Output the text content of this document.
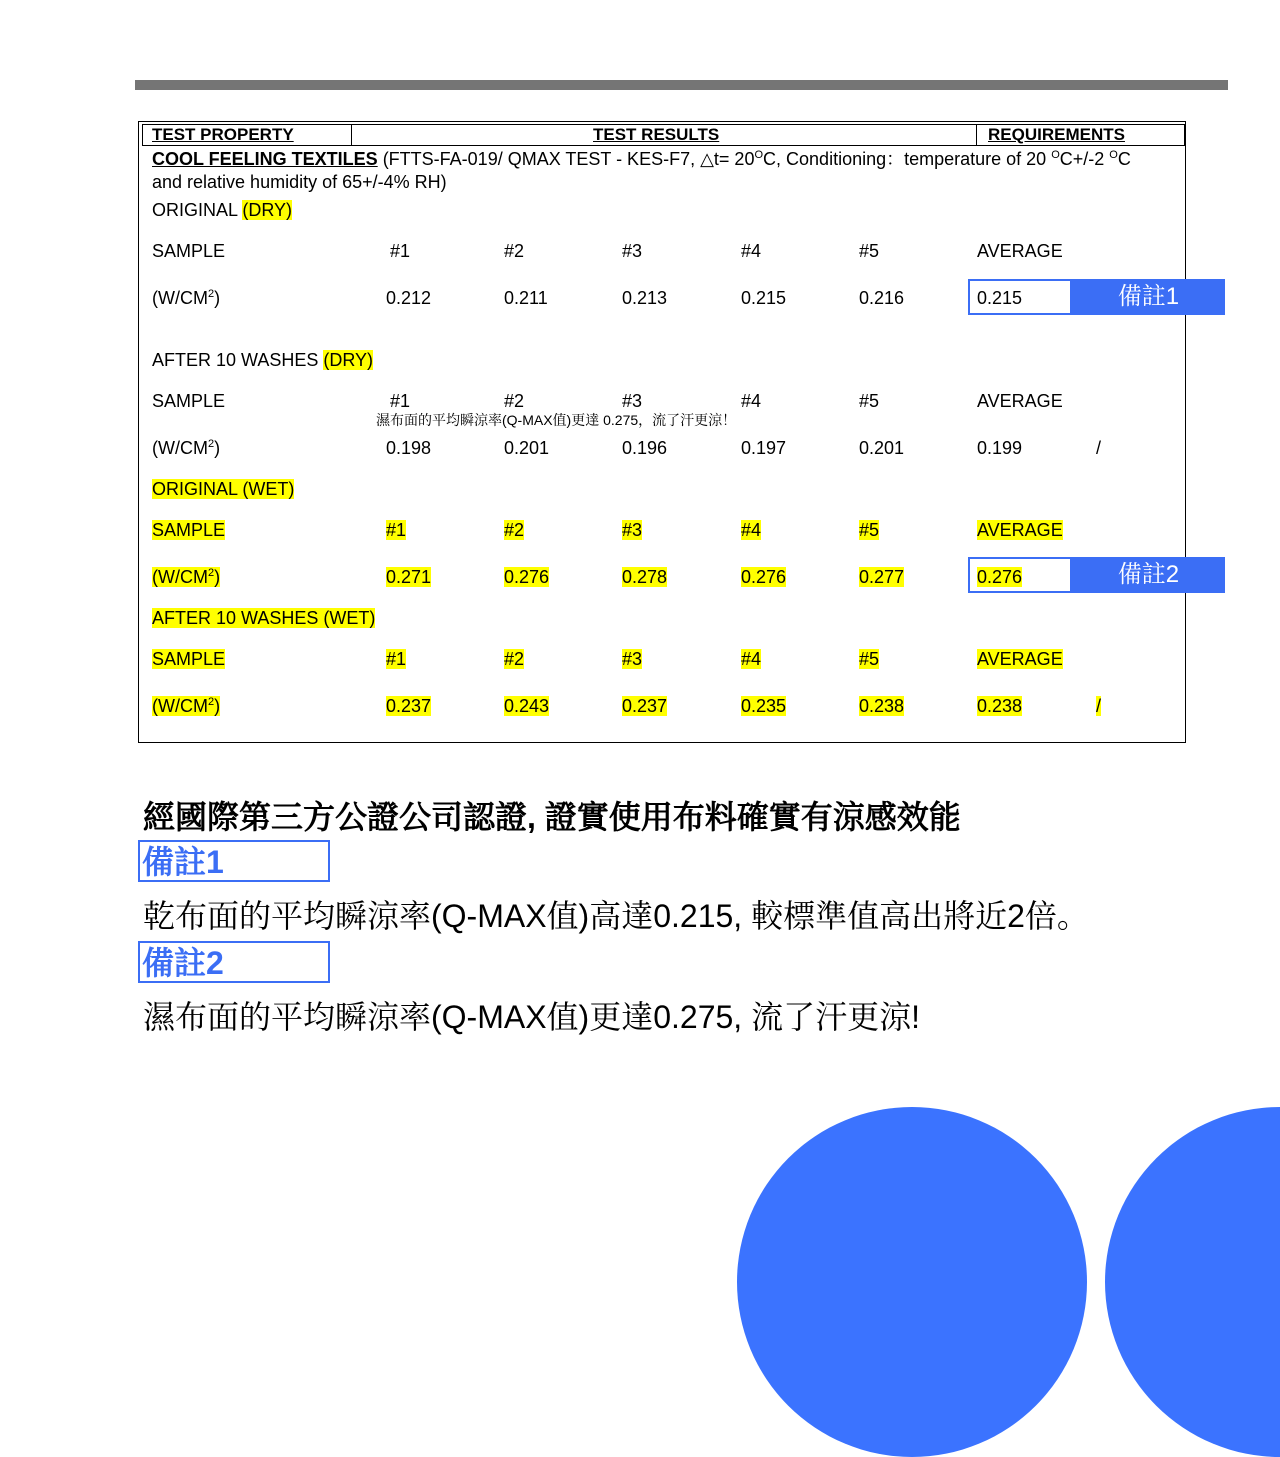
TEST PROPERTY	TEST RESULTS	REQUIREMENTS
COOL FEELING TEXTILES (FTTS-FA-019/ QMAX TEST - KES-F7, △t= $20^OC$, Conditioning：temperature of 20 $^O$C+/-2 $^O$C
and relative humidity of 65+/-4% RH)
ORIGINAL (DRY)
SAMPLE	#1	#2	#3	#4	#5	AVERAGE
$(W/CM^2)$	0.212	0.211	0.213	0.215	0.216	0.215
AFTER 10 WASHES (DRY)
SAMPLE	#1	#2	#3	#4	#5	AVERAGE
$(W/CM^2)$	0.198	0.201	0.196	0.197	0.201	0.199	/
ORIGINAL (WET)
SAMPLE	#1	#2	#3	#4	#5	AVERAGE
$(W/CM^2)$	0.271	0.276	0.278	0.276	0.277	0.276
AFTER 10 WASHES (WET)
SAMPLE	#1	#2	#3	#4	#5	AVERAGE
$(W/CM^2)$	0.237	0.243	0.237	0.235	0.238	0.238	/
備註1
備註2
濕布面的平均瞬涼率(Q-MAX值)更達 0.275，流了汗更涼！
經國際第三方公證公司認證, 證實使用布料確實有涼感效能
備註1
乾布面的平均瞬涼率(Q-MAX值)高達0.215, 較標準值高出將近2倍。
備註2
濕布面的平均瞬涼率(Q-MAX值)更達0.275, 流了汗更涼!
